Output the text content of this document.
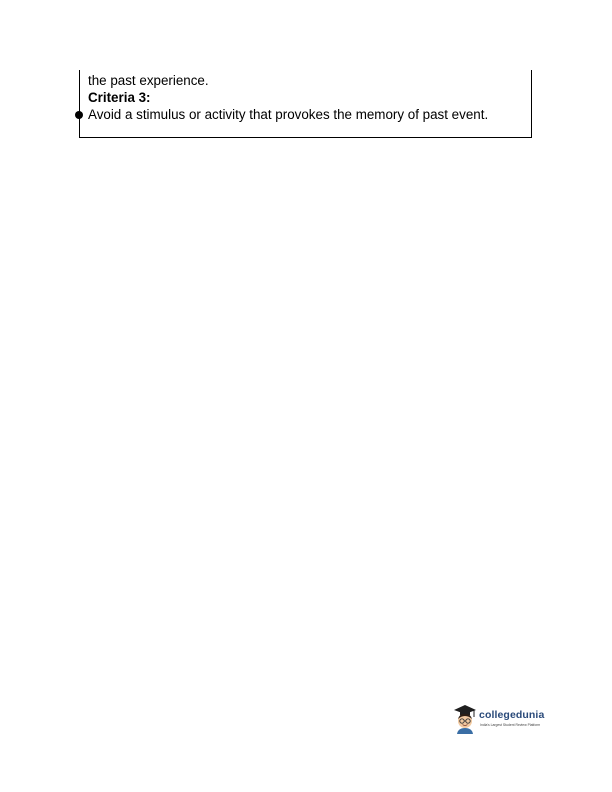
the past experience.
Criteria 3:
Avoid a stimulus or activity that provokes the memory of past event.
collegedunia
India's Largest Student Review Platform
